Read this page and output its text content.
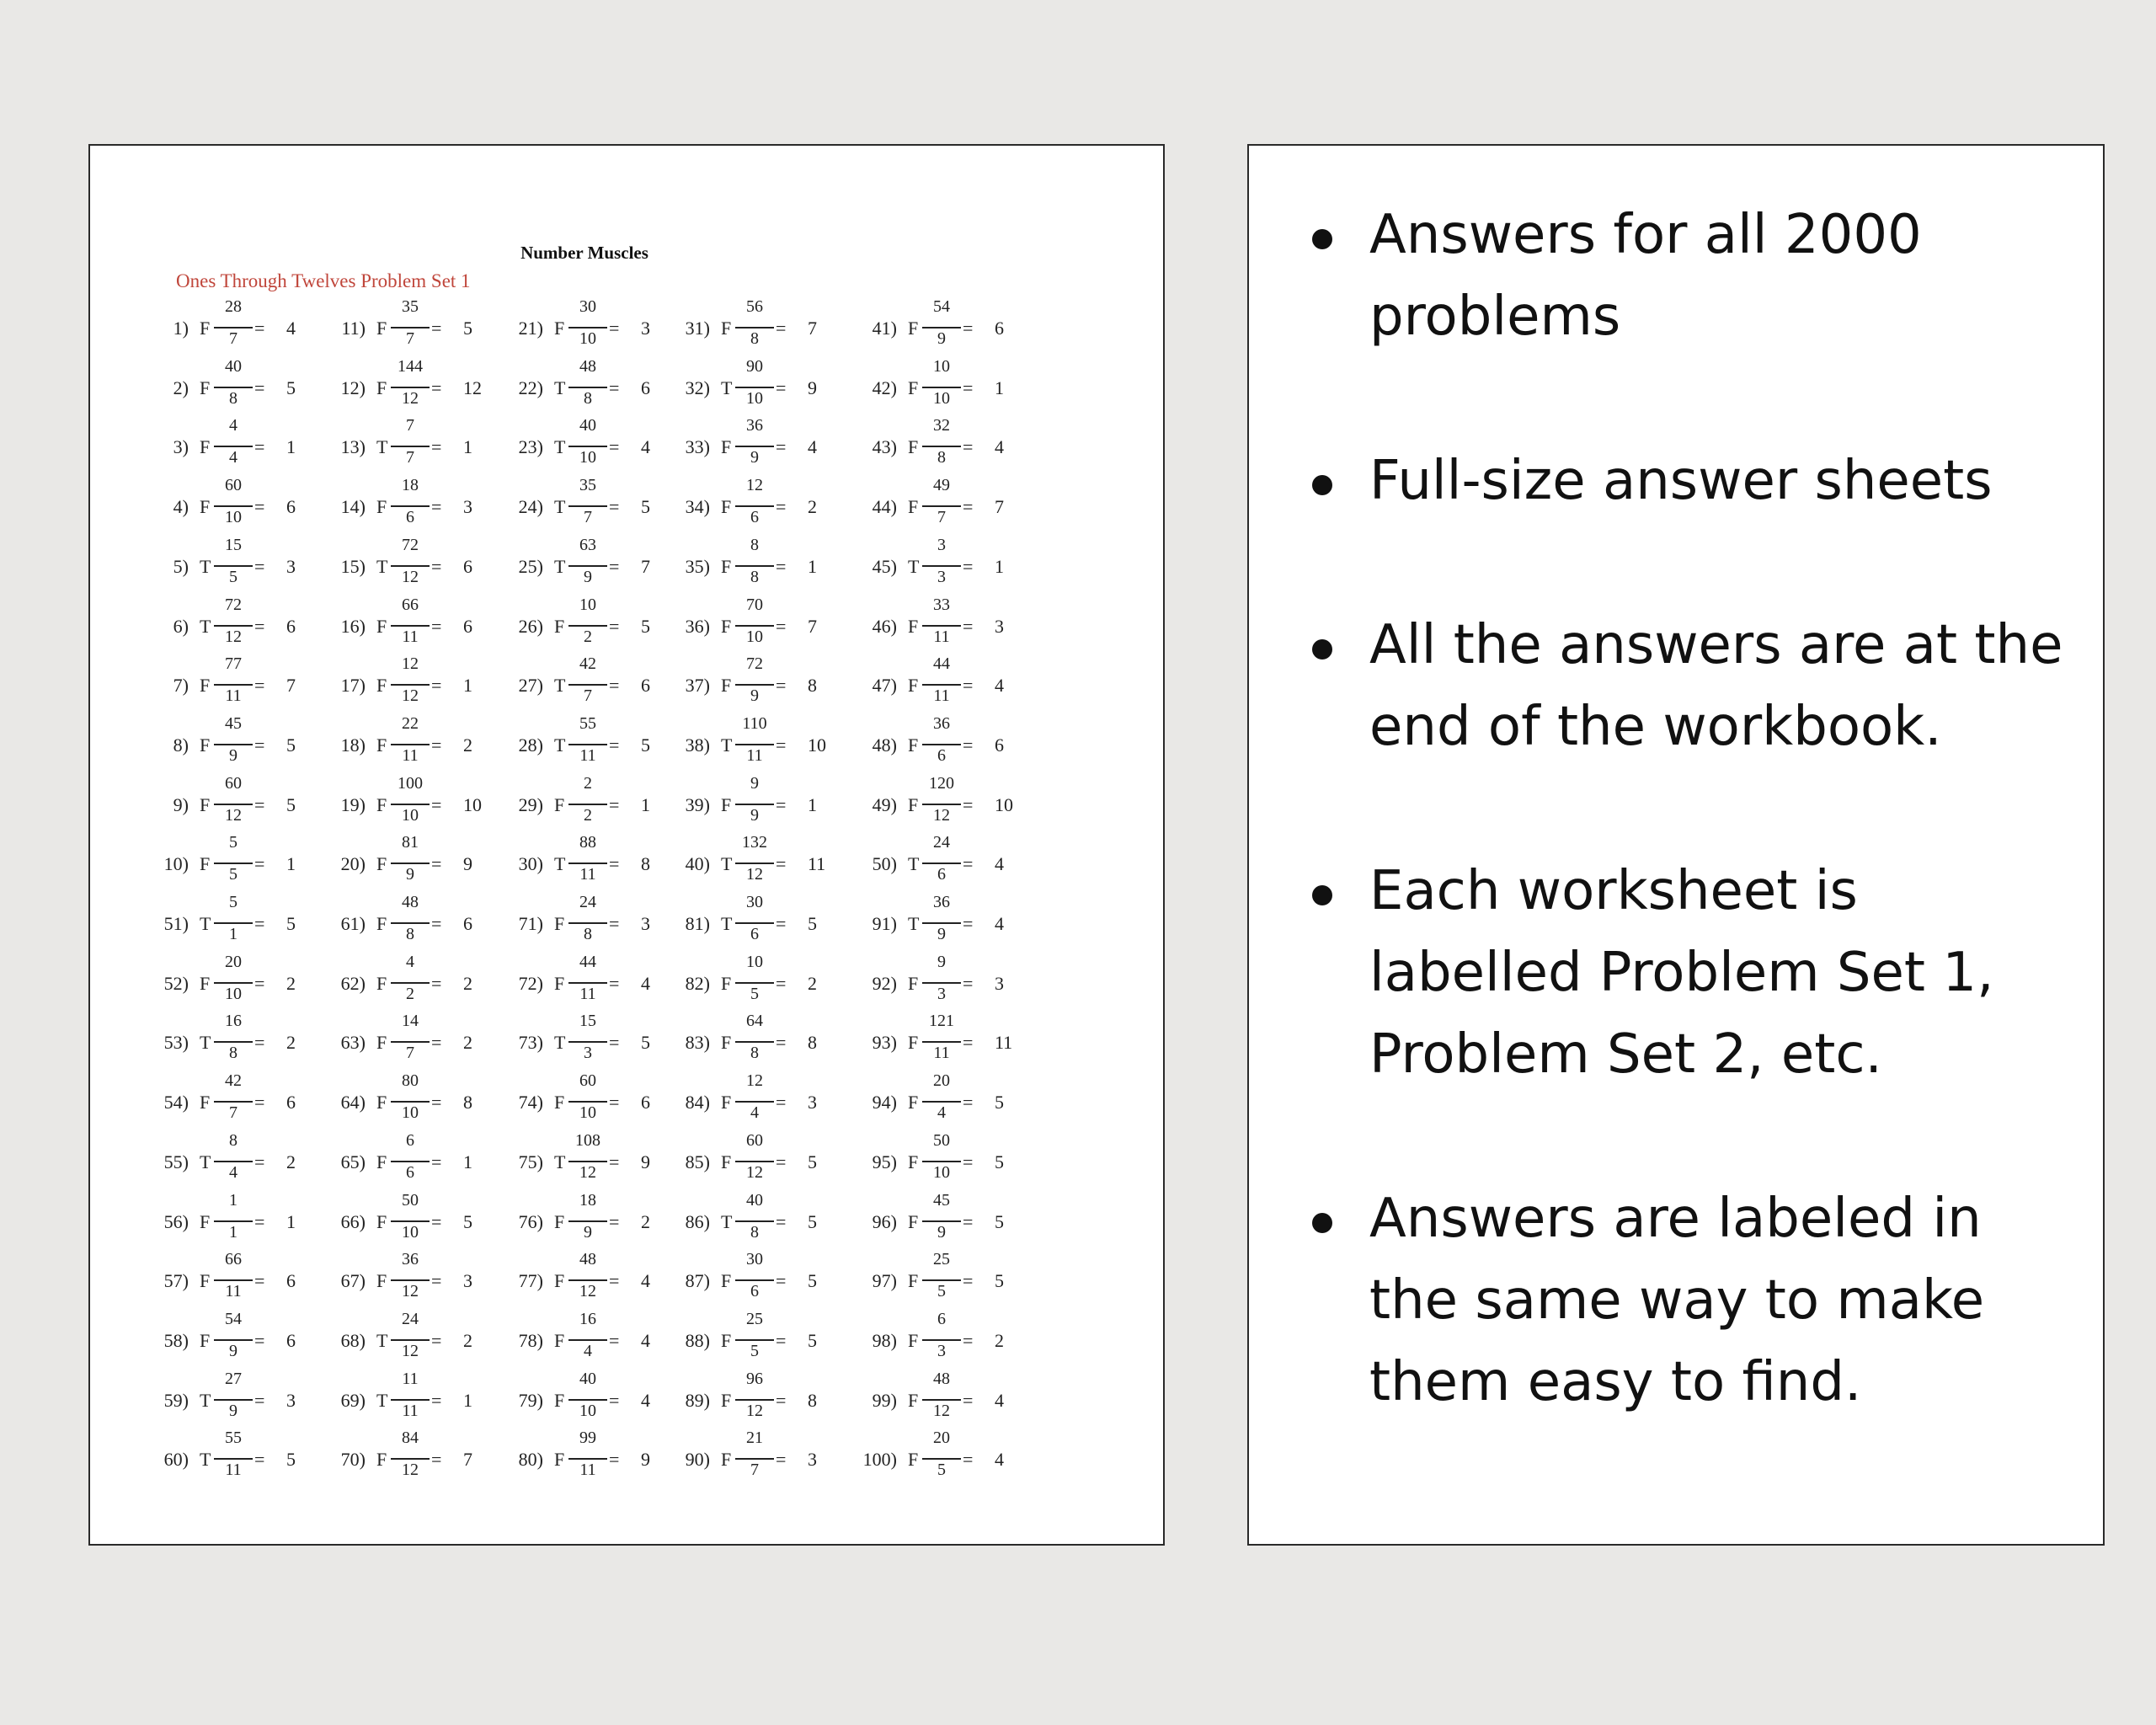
Number Muscles
Ones Through Twelves Problem Set 1
1) F
28
7 = 4
2) F
40
8 = 5
3) F
4
4 = 1
4) F
60
10 = 6
5) T
15
5 = 3
6) T
72
12 = 6
7) F
77
11 = 7
8) F
45
9 = 5
9) F
60
12 = 5
10) F
5
5 = 1
11) F
35
7 = 5
12) F
144
12 = 12
13) T
7
7 = 1
14) F
18
6 = 3
15) T
72
12 = 6
16) F
66
11 = 6
17) F
12
12 = 1
18) F
22
11 = 2
19) F
100
10 = 10
20) F
81
9 = 9
21) F
30
10 = 3
22) T
48
8 = 6
23) T
40
10 = 4
24) T
35
7 = 5
25) T
63
9 = 7
26) F
10
2 = 5
27) T
42
7 = 6
28) T
55
11 = 5
29) F
2
2 = 1
30) T
88
11 = 8
31) F
56
8 = 7
32) T
90
10 = 9
33) F
36
9 = 4
34) F
12
6 = 2
35) F
8
8 = 1
36) F
70
10 = 7
37) F
72
9 = 8
38) T
110
11 = 10
39) F
9
9 = 1
40) T
132
12 = 11
41) F
54
9 = 6
42) F
10
10 = 1
43) F
32
8 = 4
44) F
49
7 = 7
45) T
3
3 = 1
46) F
33
11 = 3
47) F
44
11 = 4
48) F
36
6 = 6
49) F
120
12 = 10
50) T
24
6 = 4
51) T
5
1 = 5
52) F
20
10 = 2
53) T
16
8 = 2
54) F
42
7 = 6
55) T
8
4 = 2
56) F
1
1 = 1
57) F
66
11 = 6
58) F
54
9 = 6
59) T
27
9 = 3
60) T
55
11 = 5
61) F
48
8 = 6
62) F
4
2 = 2
63) F
14
7 = 2
64) F
80
10 = 8
65) F
6
6 = 1
66) F
50
10 = 5
67) F
36
12 = 3
68) T
24
12 = 2
69) T
11
11 = 1
70) F
84
12 = 7
71) F
24
8 = 3
72) F
44
11 = 4
73) T
15
3 = 5
74) F
60
10 = 6
75) T
108
12 = 9
76) F
18
9 = 2
77) F
48
12 = 4
78) F
16
4 = 4
79) F
40
10 = 4
80) F
99
11 = 9
81) T
30
6 = 5
82) F
10
5 = 2
83) F
64
8 = 8
84) F
12
4 = 3
85) F
60
12 = 5
86) T
40
8 = 5
87) F
30
6 = 5
88) F
25
5 = 5
89) F
96
12 = 8
90) F
21
7 = 3
91) T
36
9 = 4
92) F
9
3 = 3
93) F
121
11 = 11
94) F
20
4 = 5
95) F
50
10 = 5
96) F
45
9 = 5
97) F
25
5 = 5
98) F
6
3 = 2
99) F
48
12 = 4
100) F
20
5 = 4
Answers for all 2000 problems
Full-size answer sheets
All the answers are at the end of the workbook.
Each worksheet is labelled Problem Set 1, Problem Set 2, etc.
Answers are labeled in the same way to make them easy to find.
